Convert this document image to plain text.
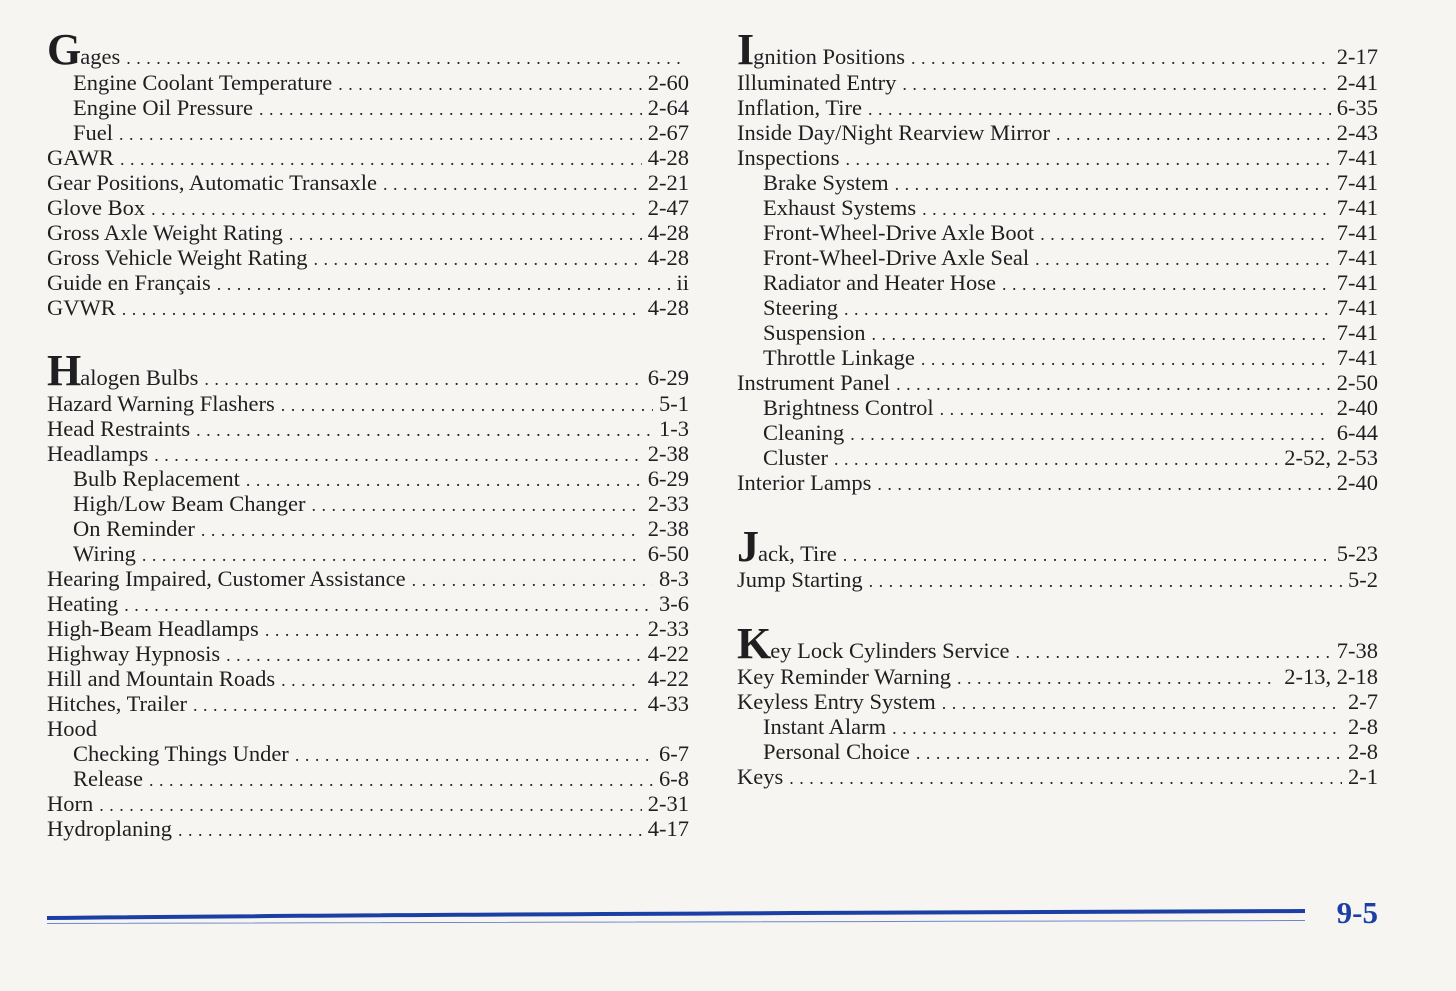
Gages
.....
Engine Coolant Temperature .....	2-60
Engine Oil Pressure .....	2-64
Fuel .....	2-67
GAWR .....	4-28
Gear Positions, Automatic Transaxle .....	2-21
Glove Box .....	2-47
Gross Axle Weight Rating .....	4-28
Gross Vehicle Weight Rating .....	4-28
Guide en Français .....	ii
GVWR .....	4-28
Halogen Bulbs .....	6-29
Hazard Warning Flashers .....	5-1
Head Restraints .....	1-3
Headlamps .....	2-38
Bulb Replacement .....	6-29
High/Low Beam Changer .....	2-33
On Reminder .....	2-38
Wiring .....	6-50
Hearing Impaired, Customer Assistance .....	8-3
Heating .....	3-6
High-Beam Headlamps .....	2-33
Highway Hypnosis .....	4-22
Hill and Mountain Roads .....	4-22
Hitches, Trailer .....	4-33
Hood
Checking Things Under .....	6-7
Release .....	6-8
Horn .....	2-31
Hydroplaning .....	4-17
Ignition Positions .....	2-17
Illuminated Entry .....	2-41
Inflation, Tire .....	6-35
Inside Day/Night Rearview Mirror .....	2-43
Inspections .....	7-41
Brake System .....	7-41
Exhaust Systems .....	7-41
Front-Wheel-Drive Axle Boot .....	7-41
Front-Wheel-Drive Axle Seal .....	7-41
Radiator and Heater Hose .....	7-41
Steering .....	7-41
Suspension .....	7-41
Throttle Linkage .....	7-41
Instrument Panel .....	2-50
Brightness Control .....	2-40
Cleaning .....	6-44
Cluster .....	2-52, 2-53
Interior Lamps .....	2-40
Jack, Tire .....	5-23
Jump Starting .....	5-2
Key Lock Cylinders Service .....	7-38
Key Reminder Warning .....	2-13, 2-18
Keyless Entry System .....	2-7
Instant Alarm .....	2-8
Personal Choice .....	2-8
Keys .....	2-1
9-5
